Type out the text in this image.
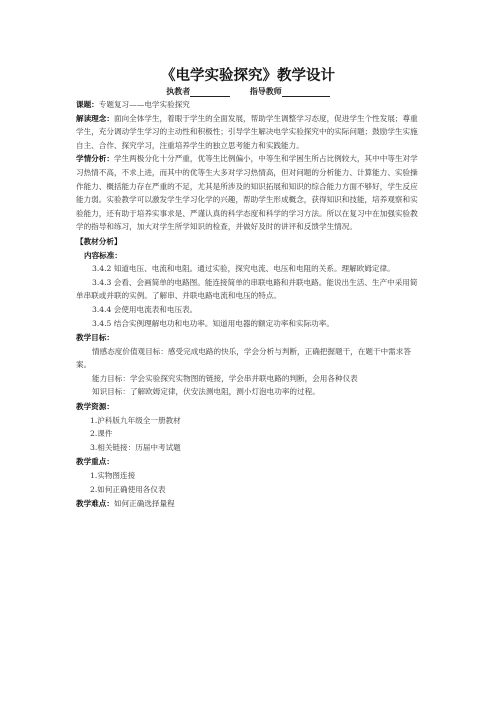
《电学实验探究》教学设计
执教者	指导教师

课题：专题复习——电学实验探究

解读理念：面向全体学生，着眼于学生的全面发展，帮助学生调整学习态度，促进学生个性发展；尊重学生，充分调动学生学习的主动性和积极性；引导学生解决电学实验探究中的实际问题；鼓励学生实施自主、合作、探究学习，注重培养学生的独立思考能力和实践能力。

学情分析：学生两极分化十分严重，优等生比例偏小，中等生和学困生所占比例较大，其中中等生对学习热情不高，不求上进，而其中的优等生大多对学习热情高，但对问题的分析能力、计算能力、实验操作能力、概括能力存在严重的不足，尤其是所涉及的知识拓展和知识的综合能力方面不够好，学生反应能力弱。实验教学可以激发学生学习化学的兴趣，帮助学生形成概念，获得知识和技能，培养观察和实验能力，还有助于培养实事求是、严谨认真的科学态度和科学的学习方法。所以在复习中在加强实验教学的指导和练习，加大对学生所学知识的检查，并做好及时的讲评和反馈学生情况。

【教材分析】

内容标准：

3.4.2 知道电压、电流和电阻。通过实验，探究电流、电压和电阻的关系。理解欧姆定律。

3.4.3 会看、会画简单的电路图。能连接简单的串联电路和并联电路。能说出生活、生产中采用简单串联或并联的实例。了解串、并联电路电流和电压的特点。

3.4.4 会使用电流表和电压表。

3.4.5 结合实例理解电功和电功率。知道用电器的额定功率和实际功率。

教学目标：

情感态度价值观目标：感受完成电路的快乐，学会分析与判断，正确把握题干，在题干中需求答案。

能力目标：学会实验探究实物图的链接，学会串并联电路的判断，会用各种仪表

知识目标：了解欧姆定律，伏安法测电阻，测小灯泡电功率的过程。

教学资源：

1.沪科版九年级全一册教材

2.课件

3.相关链接：历届中考试题

教学重点：

1.实物图连接

2.如何正确使用各仪表

教学难点：如何正确选择量程
